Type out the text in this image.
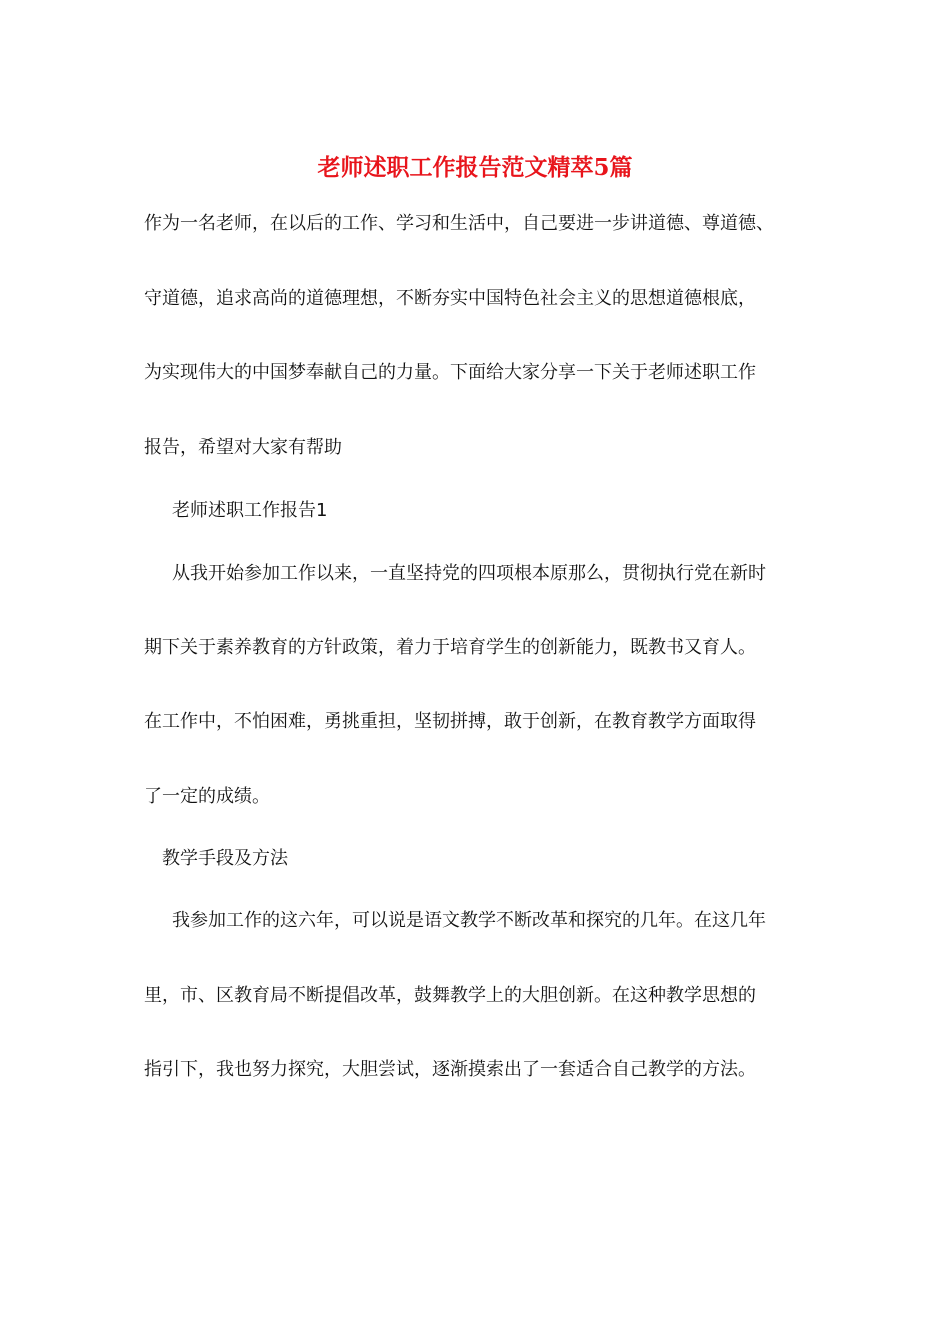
老师述职工作报告范文精萃5篇

作为一名老师，在以后的工作、学习和生活中，自己要进一步讲道德、尊道德、

守道德，追求高尚的道德理想，不断夯实中国特色社会主义的思想道德根底，

为实现伟大的中国梦奉献自己的力量。下面给大家分享一下关于老师述职工作

报告，希望对大家有帮助

老师述职工作报告1

从我开始参加工作以来，一直坚持党的四项根本原那么，贯彻执行党在新时

期下关于素养教育的方针政策，着力于培育学生的创新能力，既教书又育人。

在工作中，不怕困难，勇挑重担，坚韧拼搏，敢于创新，在教育教学方面取得

了一定的成绩。

教学手段及方法

我参加工作的这六年，可以说是语文教学不断改革和探究的几年。在这几年

里，市、区教育局不断提倡改革，鼓舞教学上的大胆创新。在这种教学思想的

指引下，我也努力探究，大胆尝试，逐渐摸索出了一套适合自己教学的方法。
